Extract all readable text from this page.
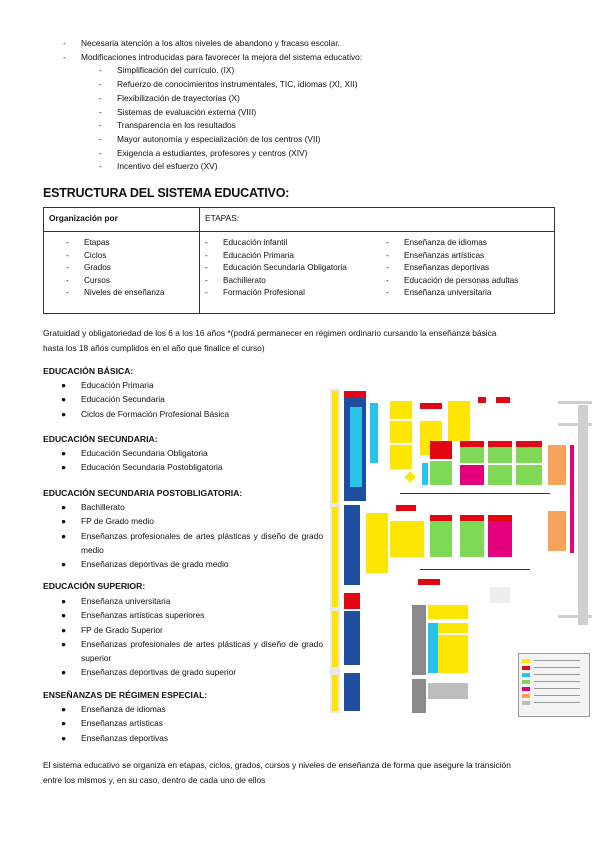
-	Necesaria atención a los altos niveles de abandono y fracaso escolar.
-	Modificaciones introducidas para favorecer la mejora del sistema educativo:
-	Simplificación del currículo. (IX)
-	Refuerzo de conocimientos instrumentales, TIC, idiomas (XI, XII)
-	Flexibilización de trayectorias (X)
-	Sistemas de evaluación externa (VIII)
-	Transparencia en los resultados
-	Mayor autonomía y especialización de los centros (VII)
-	Exigencia a estudiantes, profesores y centros (XIV)
-	Incentivo del esfuerzo (XV)
ESTRUCTURA DEL SISTEMA EDUCATIVO:
Organización por	ETAPAS:
-	Etapas
-	Ciclos
-	Grados
-	Cursos
-	Niveles de enseñanza
-	Educación infantil
-	Educación Primaria
-	Educación Secundaria Obligatoria
-	Bachillerato
-	Formación Profesional
-	Enseñanza de idiomas
-	Enseñanzas artísticas
-	Enseñanzas deportivas
-	Educación de personas adultas
-	Enseñanza universitaria
Gratuidad y obligatoriedad de los 6 a los 16 años *(podrá permanecer en régimen ordinario cursando la enseñanza básica
hasta los 18 años cumplidos en el año que finalice el curso)
EDUCACIÓN BÁSICA:
●	Educación Primaria
●	Educación Secundaria
●	Ciclos de Formación Profesional Básica
EDUCACIÓN SECUNDARIA:
●	Educación Secundaria Obligatoria
●	Educación Secundaria Postobligatoria
EDUCACIÓN SECUNDARIA POSTOBLIGATORIA:
●	Bachillerato
●	FP de Grado medio
●	Enseñanzas profesionales de artes plásticas y diseño de grado medio
●	Enseñanzas deportivas de grado medio
EDUCACIÓN SUPERIOR:
●	Enseñanza universitaria
●	Enseñanzas artísticas superiores
●	FP de Grado Superior
●	Enseñanzas profesionales de artes plásticas y diseño de grado superior
●	Enseñanzas deportivas de grado superior
ENSEÑANZAS DE RÉGIMEN ESPECIAL:
●	Enseñanza de idiomas
●	Enseñanzas artísticas
●	Enseñanzas deportivas
El sistema educativo se organiza en etapas, ciclos, grados, cursos y niveles de enseñanza de forma que asegure la transición
entre los mismos y, en su caso, dentro de cada uno de ellos
